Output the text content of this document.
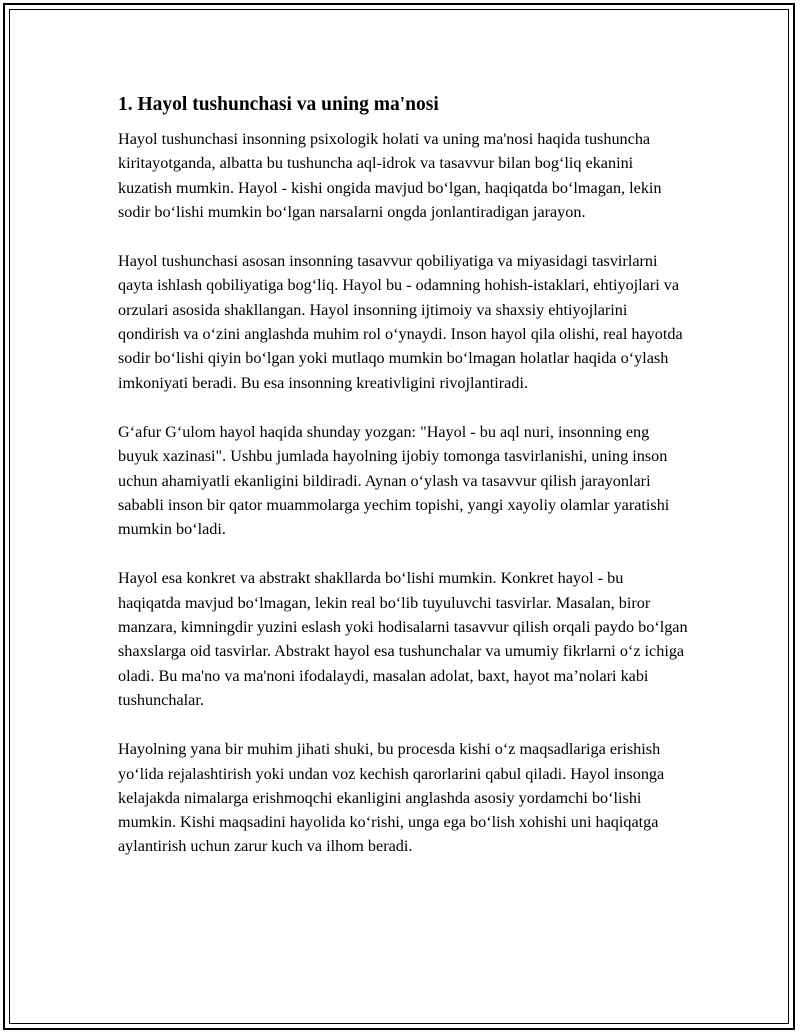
1. Hayol tushunchasi va uning ma'nosi

Hayol tushunchasi insonning psixologik holati va uning ma'nosi haqida tushuncha kiritayotganda, albatta bu tushuncha aql-idrok va tasavvur bilan bog‘liq ekanini kuzatish mumkin. Hayol - kishi ongida mavjud bo‘lgan, haqiqatda bo‘lmagan, lekin sodir bo‘lishi mumkin bo‘lgan narsalarni ongda jonlantiradigan jarayon.

Hayol tushunchasi asosan insonning tasavvur qobiliyatiga va miyasidagi tasvirlarni qayta ishlash qobiliyatiga bog‘liq. Hayol bu - odamning hohish-istaklari, ehtiyojlari va orzulari asosida shakllangan. Hayol insonning ijtimoiy va shaxsiy ehtiyojlarini qondirish va o‘zini anglashda muhim rol o‘ynaydi. Inson hayol qila olishi, real hayotda sodir bo‘lishi qiyin bo‘lgan yoki mutlaqo mumkin bo‘lmagan holatlar haqida o‘ylash imkoniyati beradi. Bu esa insonning kreativligini rivojlantiradi.

G‘afur G‘ulom hayol haqida shunday yozgan: "Hayol - bu aql nuri, insonning eng buyuk xazinasi". Ushbu jumlada hayolning ijobiy tomonga tasvirlanishi, uning inson uchun ahamiyatli ekanligini bildiradi. Aynan o‘ylash va tasavvur qilish jarayonlari sababli inson bir qator muammolarga yechim topishi, yangi xayoliy olamlar yaratishi mumkin bo‘ladi.

Hayol esa konkret va abstrakt shakllarda bo‘lishi mumkin. Konkret hayol - bu haqiqatda mavjud bo‘lmagan, lekin real bo‘lib tuyuluvchi tasvirlar. Masalan, biror manzara, kimningdir yuzini eslash yoki hodisalarni tasavvur qilish orqali paydo bo‘lgan shaxslarga oid tasvirlar. Abstrakt hayol esa tushunchalar va umumiy fikrlarni o‘z ichiga oladi. Bu ma'no va ma'noni ifodalaydi, masalan adolat, baxt, hayot ma’nolari kabi tushunchalar.

Hayolning yana bir muhim jihati shuki, bu procesda kishi o‘z maqsadlariga erishish yo‘lida rejalashtirish yoki undan voz kechish qarorlarini qabul qiladi. Hayol insonga kelajakda nimalarga erishmoqchi ekanligini anglashda asosiy yordamchi bo‘lishi mumkin. Kishi maqsadini hayolida ko‘rishi, unga ega bo‘lish xohishi uni haqiqatga aylantirish uchun zarur kuch va ilhom beradi.
